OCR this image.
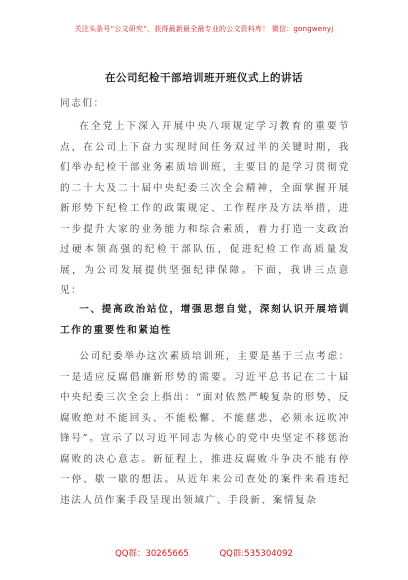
关注头条号“公文研究”，获得最新最全最专业的公文资料库！ 微信：gongwenyj
在公司纪检干部培训班开班仪式上的讲话
同志们：
在全党上下深入开展中央八项规定学习教育的重要节点，在公司上下奋力实现时间任务双过半的关键时期，我们举办纪检干部业务素质培训班，主要目的是学习贯彻党的二十大及二十届中央纪委三次全会精神，全面掌握开展新形势下纪检工作的政策规定、工作程序及方法举措，进一步提升大家的业务能力和综合素质，着力打造一支政治过硬本领高强的纪检干部队伍，促进纪检工作高质量发展，为公司发展提供坚强纪律保障。下面，我讲三点意见：
一、提高政治站位，增强思想自觉，深刻认识开展培训工作的重要性和紧迫性
公司纪委举办这次素质培训班，主要是基于三点考虑：一是适应反腐倡廉新形势的需要。习近平总书记在二十届中央纪委三次全会上指出：“面对依然严峻复杂的形势，反腐败绝对不能回头、不能松懈、不能慈悲，必须永远吹冲锋号”。宣示了以习近平同志为核心的党中央坚定不移惩治腐败的决心意志。新征程上，推进反腐败斗争决不能有停一停、歇一歇的想法。从近年来公司查处的案件来看违纪违法人员作案手段呈现出领域广、手段新、案情复杂
QQ群：30265665	QQ群:535304092
